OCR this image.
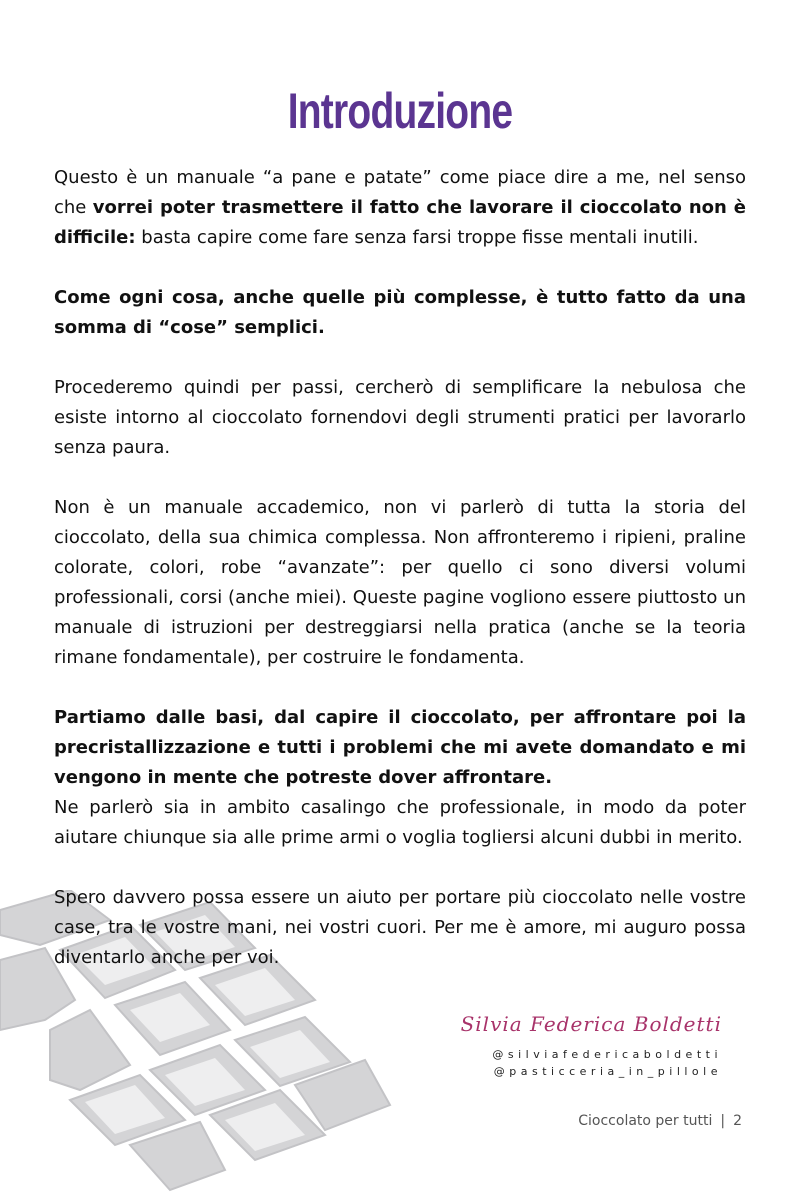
Introduzione

Questo è un manuale “a pane e patate” come piace dire a me, nel senso che vorrei poter trasmettere il fatto che lavorare il cioccolato non è difficile: basta capire come fare senza farsi troppe fisse mentali inutili.

Come ogni cosa, anche quelle più complesse, è tutto fatto da una somma di “cose” semplici.

Procederemo quindi per passi, cercherò di semplificare la nebulosa che esiste intorno al cioccolato fornendovi degli strumenti pratici per lavorarlo senza paura.

Non è un manuale accademico, non vi parlerò di tutta la storia del cioccolato, della sua chimica complessa. Non affronteremo i ripieni, praline colorate, colori, robe “avanzate”: per quello ci sono diversi volumi professionali, corsi (anche miei). Queste pagine vogliono essere piuttosto un manuale di istruzioni per destreggiarsi nella pratica (anche se la teoria rimane fondamentale), per costruire le fondamenta.

Partiamo dalle basi, dal capire il cioccolato, per affrontare poi la precristallizzazione e tutti i problemi che mi avete domandato e mi vengono in mente che potreste dover affrontare.

Ne parlerò sia in ambito casalingo che professionale, in modo da poter aiutare chiunque sia alle prime armi o voglia togliersi alcuni dubbi in merito.

Spero davvero possa essere un aiuto per portare più cioccolato nelle vostre case, tra le vostre mani, nei vostri cuori. Per me è amore, mi auguro possa diventarlo anche per voi.

Silvia Federica Boldetti
@silviafedericaboldetti
@pasticceria_in_pillole
Cioccolato per tutti | 2
